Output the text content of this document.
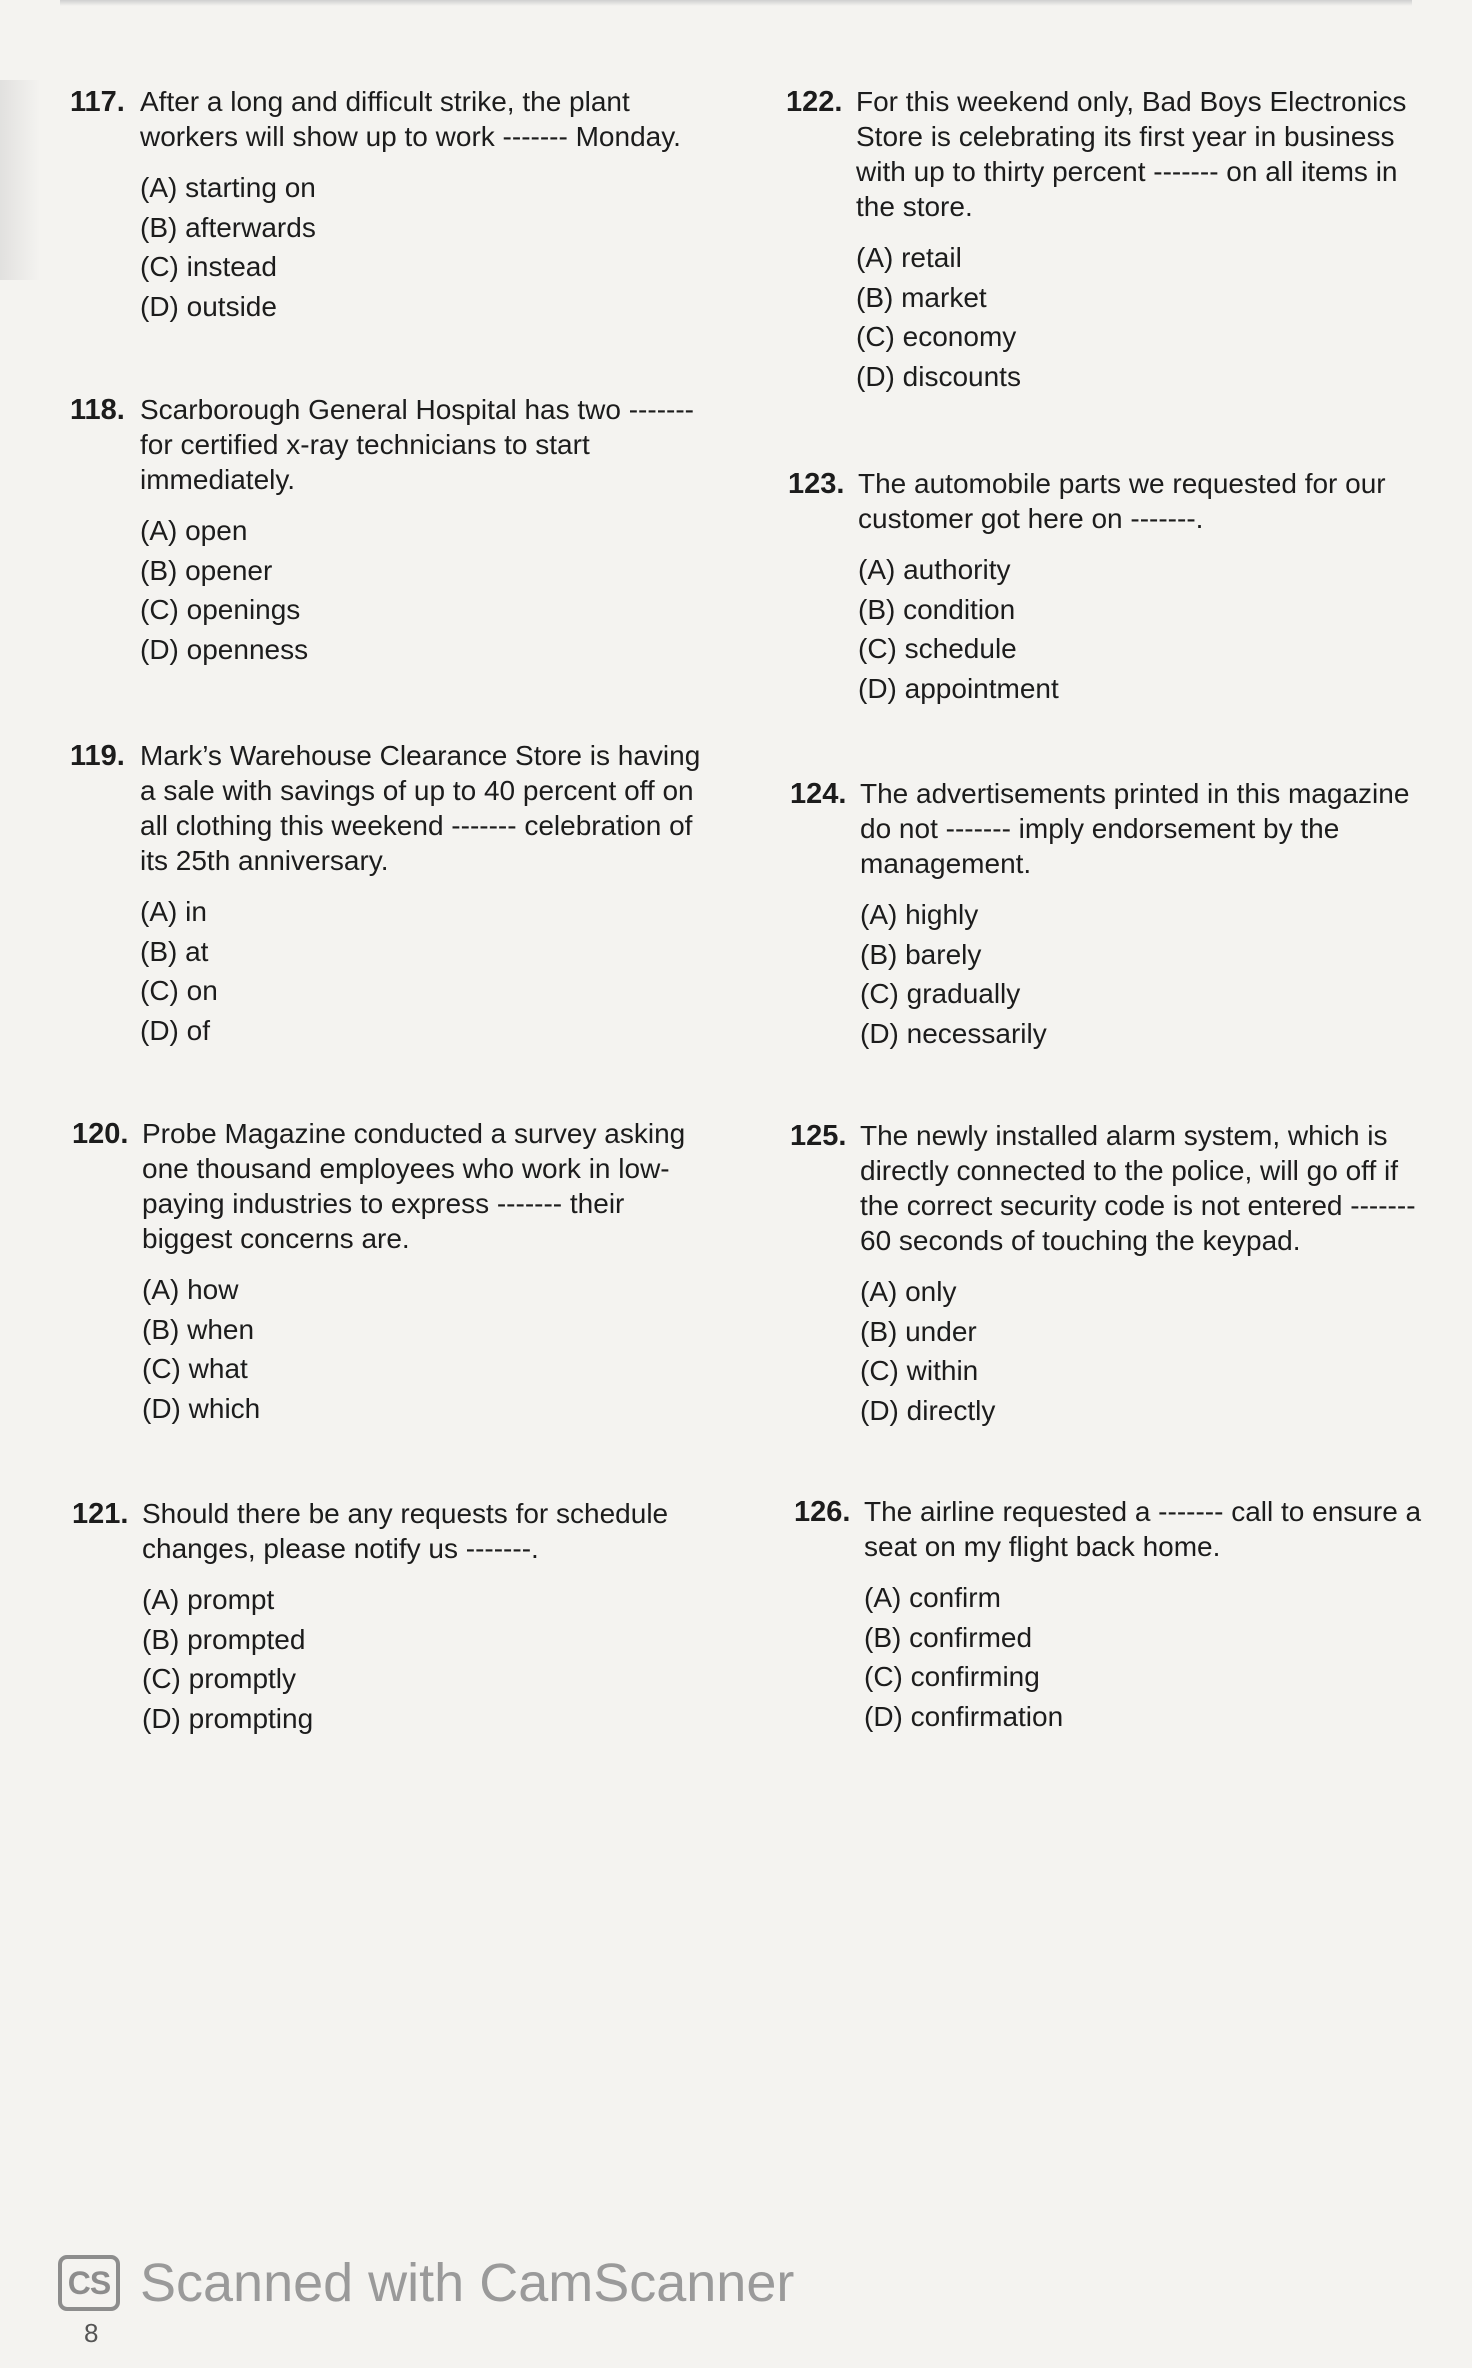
117. After a long and difficult strike, the plant workers will show up to work ------- Monday.
(A) starting on
(B) afterwards
(C) instead
(D) outside
118. Scarborough General Hospital has two ------- for certified x-ray technicians to start immediately.
(A) open
(B) opener
(C) openings
(D) openness
119. Mark’s Warehouse Clearance Store is having a sale with savings of up to 40 percent off on all clothing this weekend ------- celebration of its 25th anniversary.
(A) in
(B) at
(C) on
(D) of
120. Probe Magazine conducted a survey asking one thousand employees who work in low-paying industries to express ------- their biggest concerns are.
(A) how
(B) when
(C) what
(D) which
121. Should there be any requests for schedule changes, please notify us -------.
(A) prompt
(B) prompted
(C) promptly
(D) prompting
122. For this weekend only, Bad Boys Electronics Store is celebrating its first year in business with up to thirty percent ------- on all items in the store.
(A) retail
(B) market
(C) economy
(D) discounts
123. The automobile parts we requested for our customer got here on -------.
(A) authority
(B) condition
(C) schedule
(D) appointment
124. The advertisements printed in this magazine do not ------- imply endorsement by the management.
(A) highly
(B) barely
(C) gradually
(D) necessarily
125. The newly installed alarm system, which is directly connected to the police, will go off if the correct security code is not entered ------- 60 seconds of touching the keypad.
(A) only
(B) under
(C) within
(D) directly
126. The airline requested a ------- call to ensure a seat on my flight back home.
(A) confirm
(B) confirmed
(C) confirming
(D) confirmation
CS Scanned with CamScanner
8
